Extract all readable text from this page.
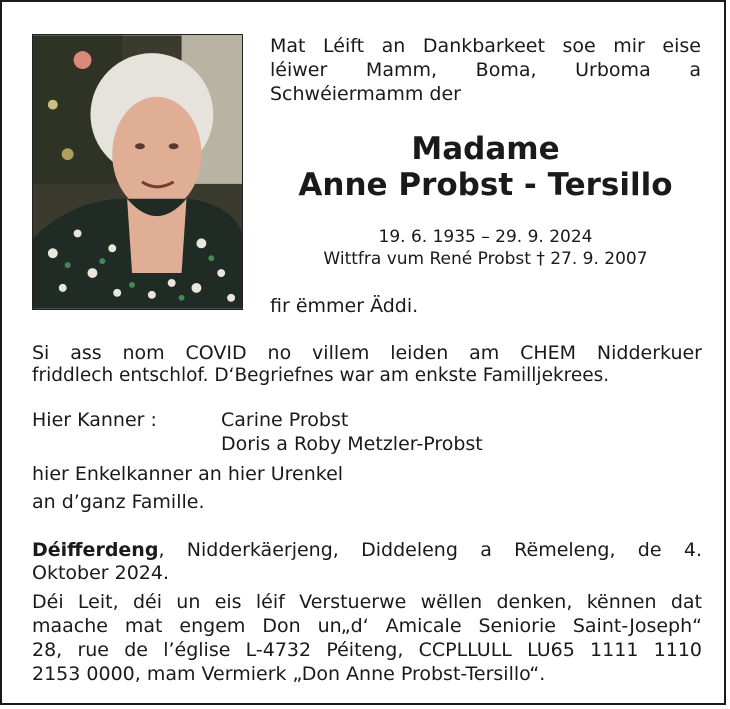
Mat Léift an Dankbarkeet soe mir eise
léiwer Mamm, Boma, Urboma a
Schwéiermamm der
Madame
Anne Probst - Tersillo
19. 6. 1935 – 29. 9. 2024
Wittfra vum René Probst † 27. 9. 2007
fir ëmmer Äddi.
Si ass nom COVID no villem leiden am CHEM Nidderkuer
friddlech entschlof. D‘Begriefnes war am enkste Familljekrees.
Hier Kanner :	Carine Probst
Doris a Roby Metzler-Probst
hier Enkelkanner an hier Urenkel
an d’ganz Famille.
Déifferdeng, Nidderkäerjeng, Diddeleng a Rëmeleng, de 4.
Oktober 2024.
Déi Leit, déi un eis léif Verstuerwe wëllen denken, kënnen dat
maache mat engem Don un„d‘ Amicale Seniorie Saint-Joseph“
28, rue de l’église L-4732 Péiteng, CCPLLULL LU65 1111 1110
2153 0000, mam Vermierk „Don Anne Probst-Tersillo“.
